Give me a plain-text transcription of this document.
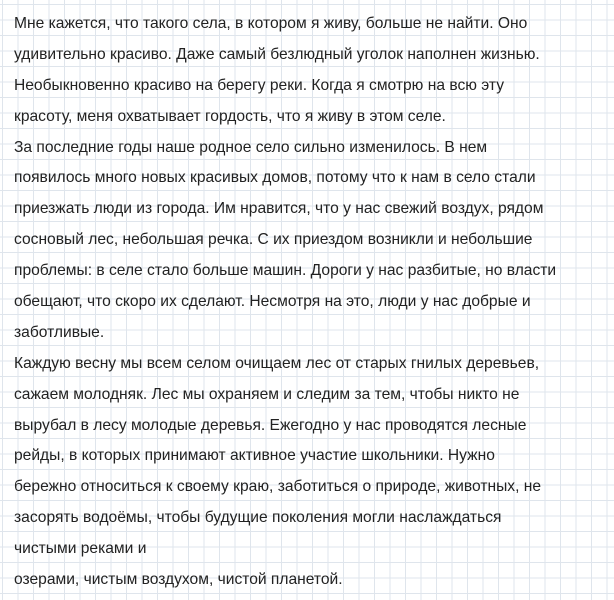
Мне кажется, что такого села, в котором я живу, больше не найти. Оно
удивительно красиво. Даже самый безлюдный уголок наполнен жизнью.
Необыкновенно красиво на берегу реки. Когда я смотрю на всю эту
красоту, меня охватывает гордость, что я живу в этом селе.
За последние годы наше родное село сильно изменилось. В нем
появилось много новых красивых домов, потому что к нам в село стали
приезжать люди из города. Им нравится, что у нас свежий воздух, рядом
сосновый лес, небольшая речка. С их приездом возникли и небольшие
проблемы: в селе стало больше машин. Дороги у нас разбитые, но власти
обещают, что скоро их сделают. Несмотря на это, люди у нас добрые и
заботливые.
Каждую весну мы всем селом очищаем лес от старых гнилых деревьев,
сажаем молодняк. Лес мы охраняем и следим за тем, чтобы никто не
вырубал в лесу молодые деревья. Ежегодно у нас проводятся лесные
рейды, в которых принимают активное участие школьники. Нужно
бережно относиться к своему краю, заботиться о природе, животных, не
засорять водоёмы, чтобы будущие поколения могли наслаждаться
чистыми реками и
озерами, чистым воздухом, чистой планетой.
